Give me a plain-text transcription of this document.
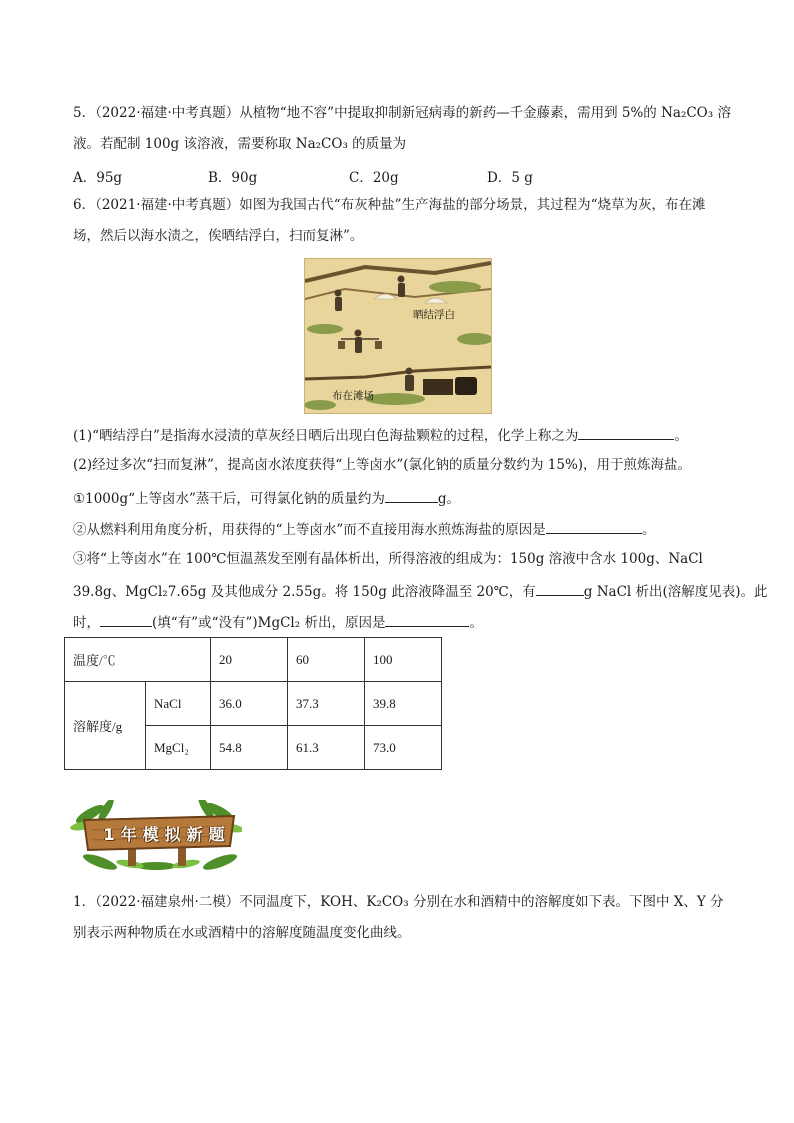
5．（2022·福建·中考真题）从植物“地不容”中提取抑制新冠病毒的新药—千金藤素，需用到 5%的 Na₂CO₃ 溶
液。若配制 100g 该溶液，需要称取 Na₂CO₃ 的质量为
A．95g	B．90g	C．20g	D．5 g
6．（2021·福建·中考真题）如图为我国古代“布灰种盐”生产海盐的部分场景，其过程为“烧草为灰，布在滩
场，然后以海水渍之，俟晒结浮白，扫而复淋”。
晒结浮白
布在滩场
(1)“晒结浮白”是指海水浸渍的草灰经日晒后出现白色海盐颗粒的过程，化学上称之为	。
(2)经过多次“扫而复淋”，提高卤水浓度获得“上等卤水”(氯化钠的质量分数约为 15%)，用于煎炼海盐。
①1000g“上等卤水”蒸干后，可得氯化钠的质量约为	g。
②从燃料利用角度分析，用获得的“上等卤水”而不直接用海水煎炼海盐的原因是	。
③将“上等卤水”在 100℃恒温蒸发至刚有晶体析出，所得溶液的组成为：150g 溶液中含水 100g、NaCl
39.8g、MgCl₂7.65g 及其他成分 2.55g。将 150g 此溶液降温至 20℃，有	g NaCl 析出(溶解度见表)。此
时，	(填“有”或“没有”)MgCl₂ 析出，原因是	。
温度/℃		20	60	100
溶解度/g	NaCl	36.0	37.3	39.8
	MgCl₂	54.8	61.3	73.0
1年模拟新题
1．（2022·福建泉州·二模）不同温度下，KOH、K₂CO₃ 分别在水和酒精中的溶解度如下表。下图中 X、Y 分
别表示两种物质在水或酒精中的溶解度随温度变化曲线。
